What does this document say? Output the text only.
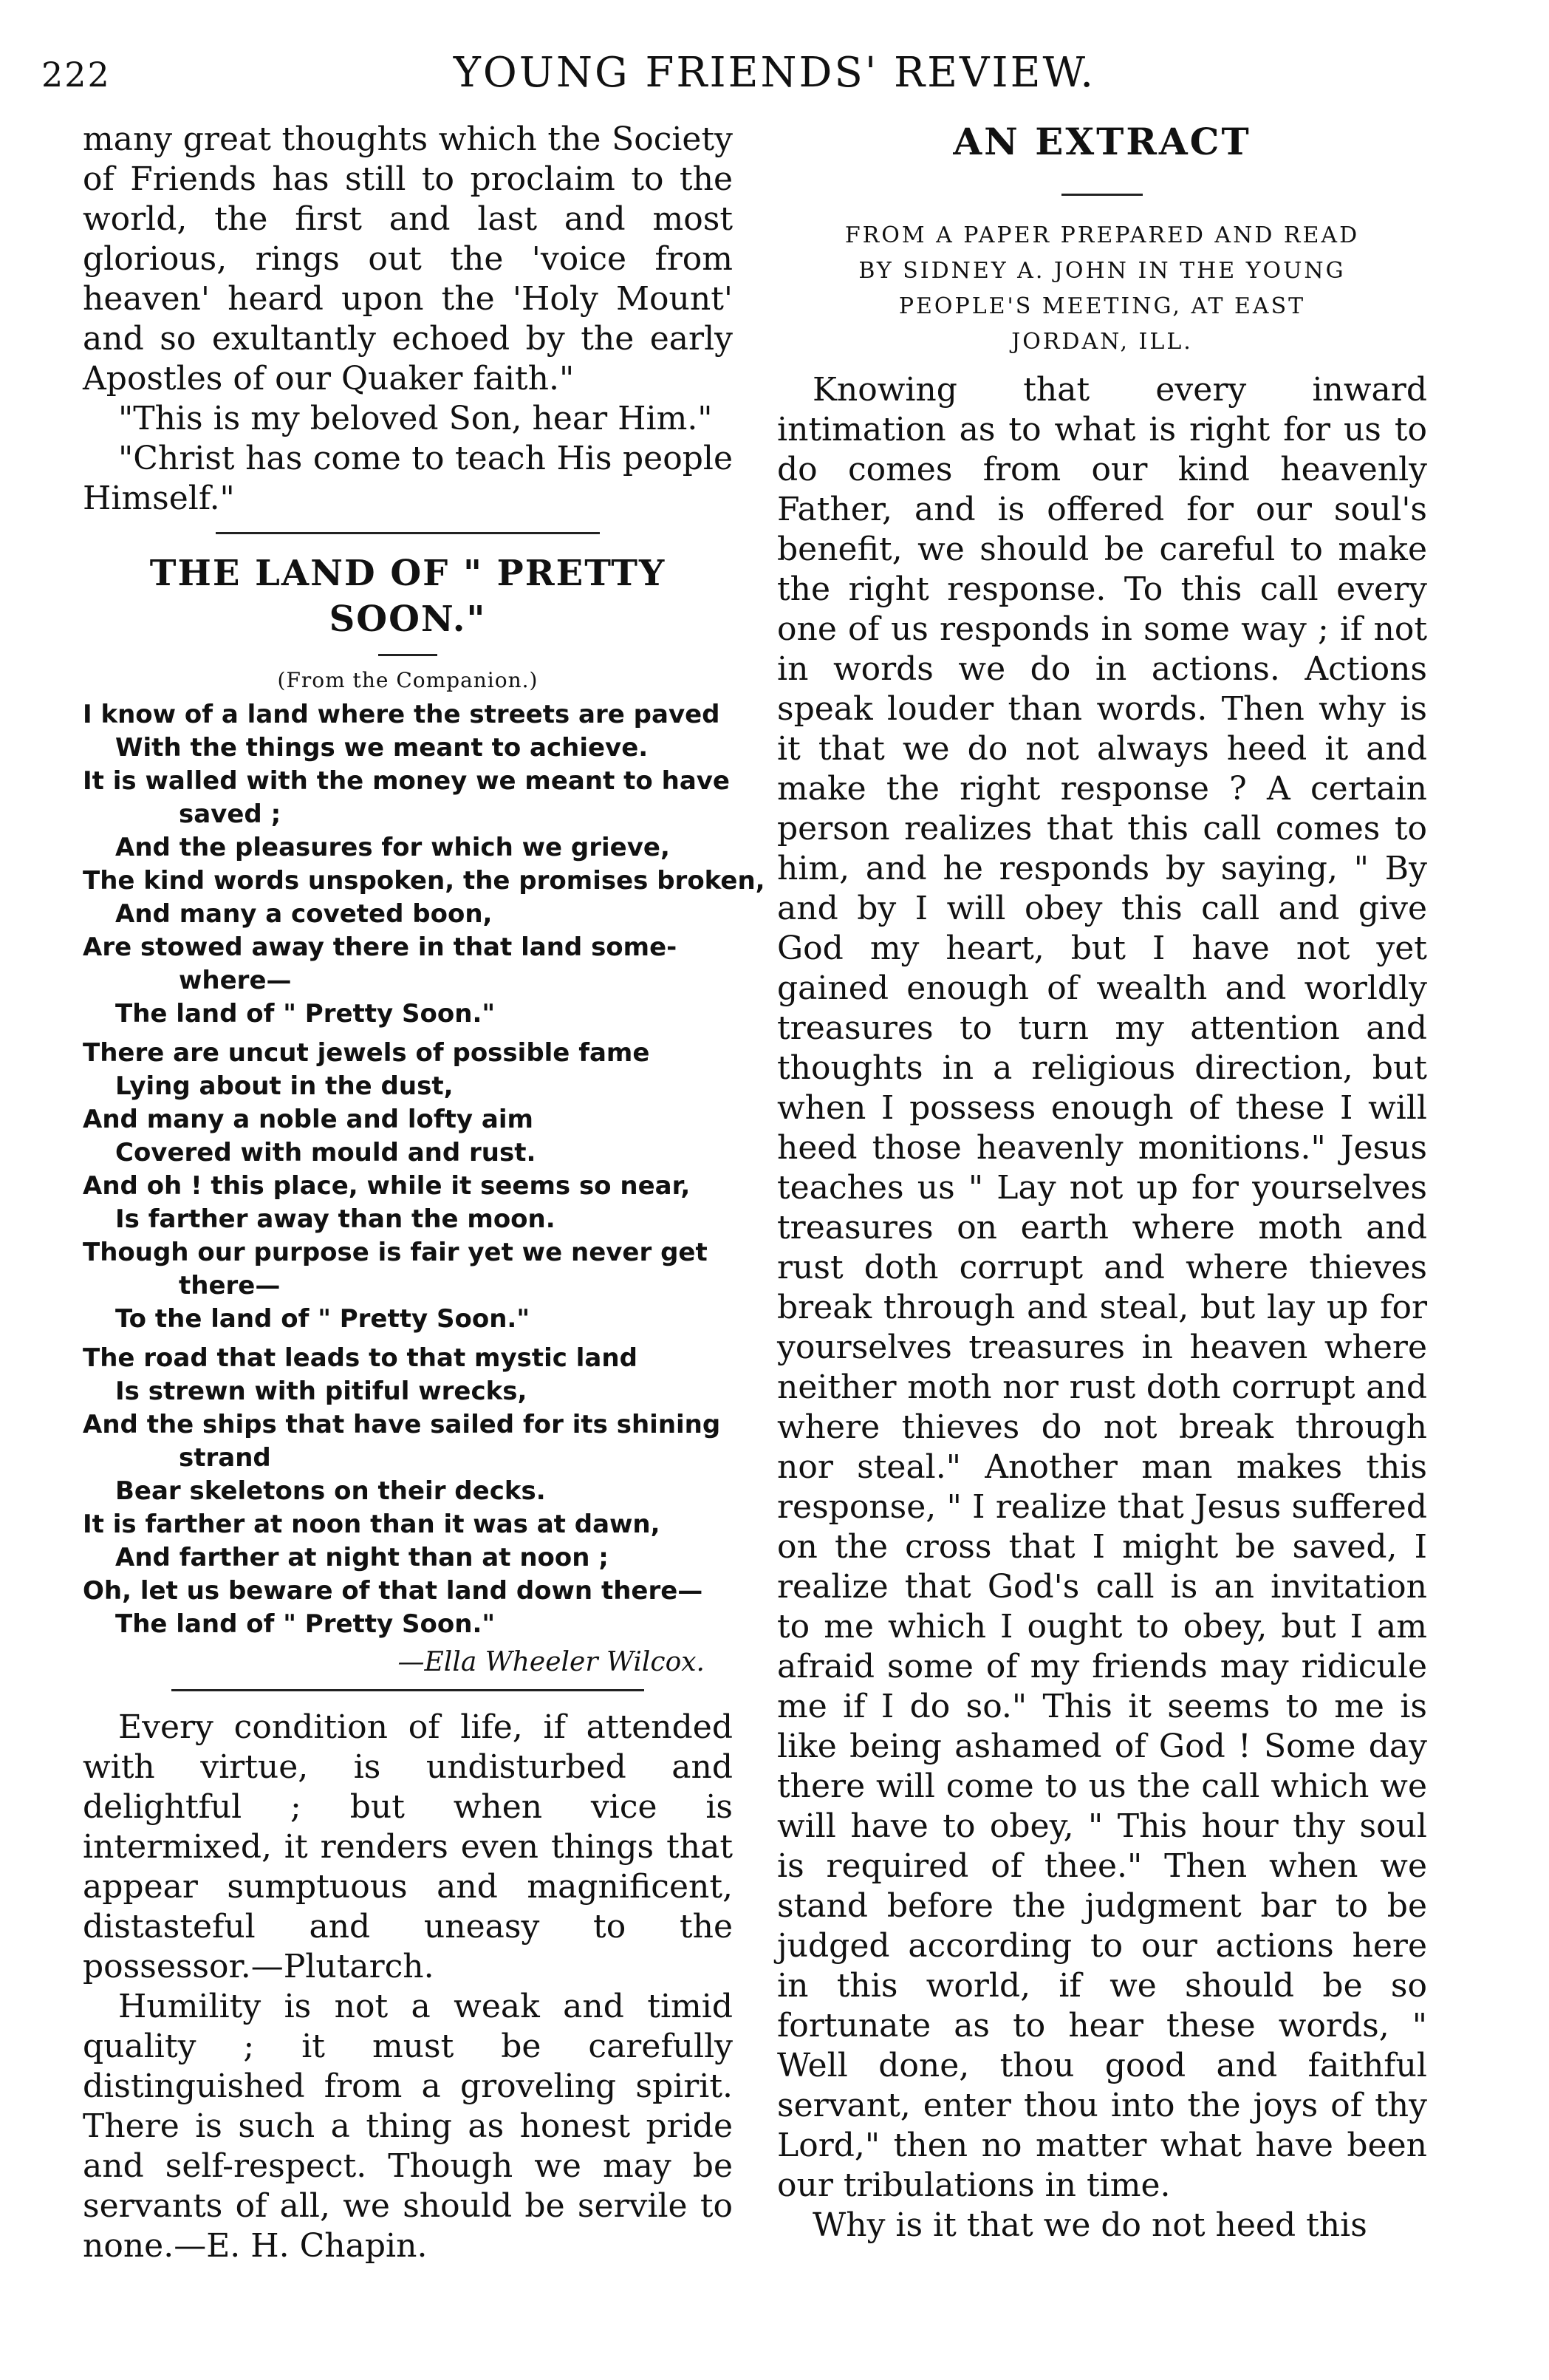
222	YOUNG FRIENDS' REVIEW.

many great thoughts which the Society of Friends has still to proclaim to the world, the first and last and most glorious, rings out the 'voice from heaven' heard upon the 'Holy Mount' and so exultantly echoed by the early Apostles of our Quaker faith."

"This is my beloved Son, hear Him."

"Christ has come to teach His people Himself."

THE LAND OF " PRETTY SOON."
(From the Companion.)
I know of a land where the streets are paved
With the things we meant to achieve.
It is walled with the money we meant to have
saved ;
And the pleasures for which we grieve,
The kind words unspoken, the promises broken,
And many a coveted boon,
Are stowed away there in that land some-
where—
The land of " Pretty Soon."
There are uncut jewels of possible fame
Lying about in the dust,
And many a noble and lofty aim
Covered with mould and rust.
And oh ! this place, while it seems so near,
Is farther away than the moon.
Though our purpose is fair yet we never get
there—
To the land of " Pretty Soon."
The road that leads to that mystic land
Is strewn with pitiful wrecks,
And the ships that have sailed for its shining
strand
Bear skeletons on their decks.
It is farther at noon than it was at dawn,
And farther at night than at noon ;
Oh, let us beware of that land down there—
The land of " Pretty Soon."
—Ella Wheeler Wilcox.

Every condition of life, if attended with virtue, is undisturbed and delightful ; but when vice is intermixed, it renders even things that appear sumptuous and magnificent, distasteful and uneasy to the possessor.—Plutarch.

Humility is not a weak and timid quality ; it must be carefully distinguished from a groveling spirit. There is such a thing as honest pride and self-respect. Though we may be servants of all, we should be servile to none.—E. H. Chapin.

AN EXTRACT
FROM A PAPER PREPARED AND READ
BY SIDNEY A. JOHN IN THE YOUNG
PEOPLE'S MEETING, AT EAST
JORDAN, ILL.

Knowing that every inward intimation as to what is right for us to do comes from our kind heavenly Father, and is offered for our soul's benefit, we should be careful to make the right response. To this call every one of us responds in some way ; if not in words we do in actions. Actions speak louder than words. Then why is it that we do not always heed it and make the right response ? A certain person realizes that this call comes to him, and he responds by saying, " By and by I will obey this call and give God my heart, but I have not yet gained enough of wealth and worldly treasures to turn my attention and thoughts in a religious direction, but when I possess enough of these I will heed those heavenly monitions." Jesus teaches us " Lay not up for yourselves treasures on earth where moth and rust doth corrupt and where thieves break through and steal, but lay up for yourselves treasures in heaven where neither moth nor rust doth corrupt and where thieves do not break through nor steal." Another man makes this response, " I realize that Jesus suffered on the cross that I might be saved, I realize that God's call is an invitation to me which I ought to obey, but I am afraid some of my friends may ridicule me if I do so." This it seems to me is like being ashamed of God ! Some day there will come to us the call which we will have to obey, " This hour thy soul is required of thee." Then when we stand before the judgment bar to be judged according to our actions here in this world, if we should be so fortunate as to hear these words, " Well done, thou good and faithful servant, enter thou into the joys of thy Lord," then no matter what have been our tribulations in time.

Why is it that we do not heed this
